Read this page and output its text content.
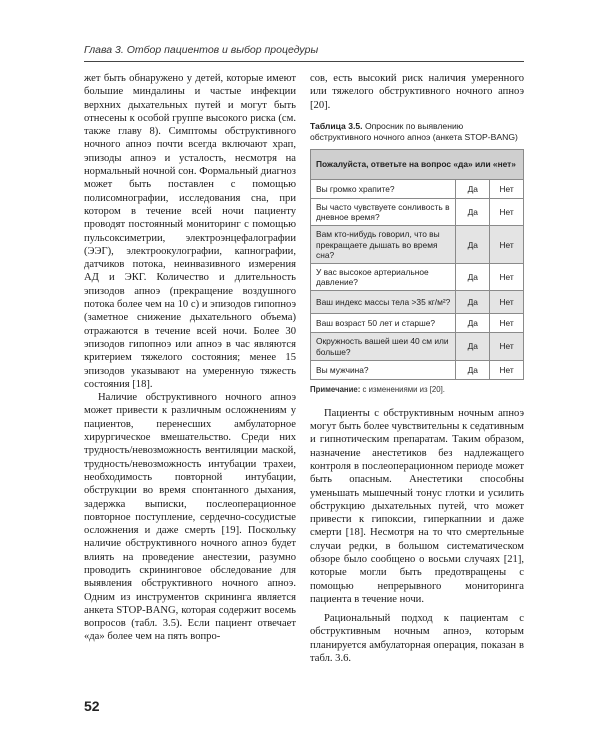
Глава 3. Отбор пациентов и выбор процедуры

жет быть обнаружено у детей, которые имеют большие миндалины и частые инфекции верхних дыхательных путей и могут быть отнесены к особой группе высокого риска (см. также главу 8). Симптомы обструктивного ночного апноэ почти всегда включают храп, эпизоды апноэ и усталость, несмотря на нормальный ночной сон. Формальный диагноз может быть поставлен с помощью полисомнографии, исследования сна, при котором в течение всей ночи пациенту проводят постоянный мониторинг с помощью пульсоксиметрии, электроэнцефалографии (ЭЭГ), электроокулографии, капнографии, датчиков потока, неинвазивного измерения АД и ЭКГ. Количество и длительность эпизодов апноэ (прекращение воздушного потока более чем на 10 с) и эпизодов гипопноэ (заметное снижение дыхательного объема) отражаются в течение всей ночи. Более 30 эпизодов гипопноэ или апноэ в час являются критерием тяжелого состояния; менее 15 эпизодов указывают на умеренную тяжесть состояния [18].

Наличие обструктивного ночного апноэ может привести к различным осложнениям у пациентов, перенесших амбулаторное хирургическое вмешательство. Среди них трудность/невозможность вентиляции маской, трудность/невозможность интубации трахеи, необходимость повторной интубации, обструкции во время спонтанного дыхания, задержка выписки, послеоперационное повторное поступление, сердечно-сосудистые осложнения и даже смерть [19]. Поскольку наличие обструктивного ночного апноэ будет влиять на проведение анестезии, разумно проводить скрининговое обследование для выявления обструктивного ночного апноэ. Одним из инструментов скрининга является анкета STOP-BANG, которая содержит восемь вопросов (табл. 3.5). Если пациент отвечает «да» более чем на пять вопро-

сов, есть высокий риск наличия умеренного или тяжелого обструктивного ночного апноэ [20].
Таблица 3.5. Опросник по выявлению обструктивного ночного апноэ (анкета STOP-BANG)
Пожалуйста, ответьте на вопрос «да» или «нет»		
Вы громко храпите?	Да	Нет
Вы часто чувствуете сонливость в дневное время?	Да	Нет
Вам кто-нибудь говорил, что вы прекращаете дышать во время сна?	Да	Нет
У вас высокое артериальное давление?	Да	Нет
Ваш индекс массы тела >35 кг/м²?	Да	Нет
Ваш возраст 50 лет и старше?	Да	Нет
Окружность вашей шеи 40 см или больше?	Да	Нет
Вы мужчина?	Да	Нет
Примечание: с изменениями из [20].
Пациенты с обструктивным ночным апноэ могут быть более чувствительны к седативным и гипнотическим препаратам. Таким образом, назначение анестетиков без надлежащего контроля в послеоперационном периоде может быть опасным. Анестетики способны уменьшать мышечный тонус глотки и усилить обструкцию дыхательных путей, что может привести к гипоксии, гиперкапнии и даже смерти [18]. Несмотря на то что смертельные случаи редки, в большом систематическом обзоре было сообщено о восьми случаях [21], которые могли быть предотвращены с помощью непрерывного мониторинга пациента в течение ночи.
Рациональный подход к пациентам с обструктивным ночным апноэ, которым планируется амбулаторная операция, показан в табл. 3.6.
52
